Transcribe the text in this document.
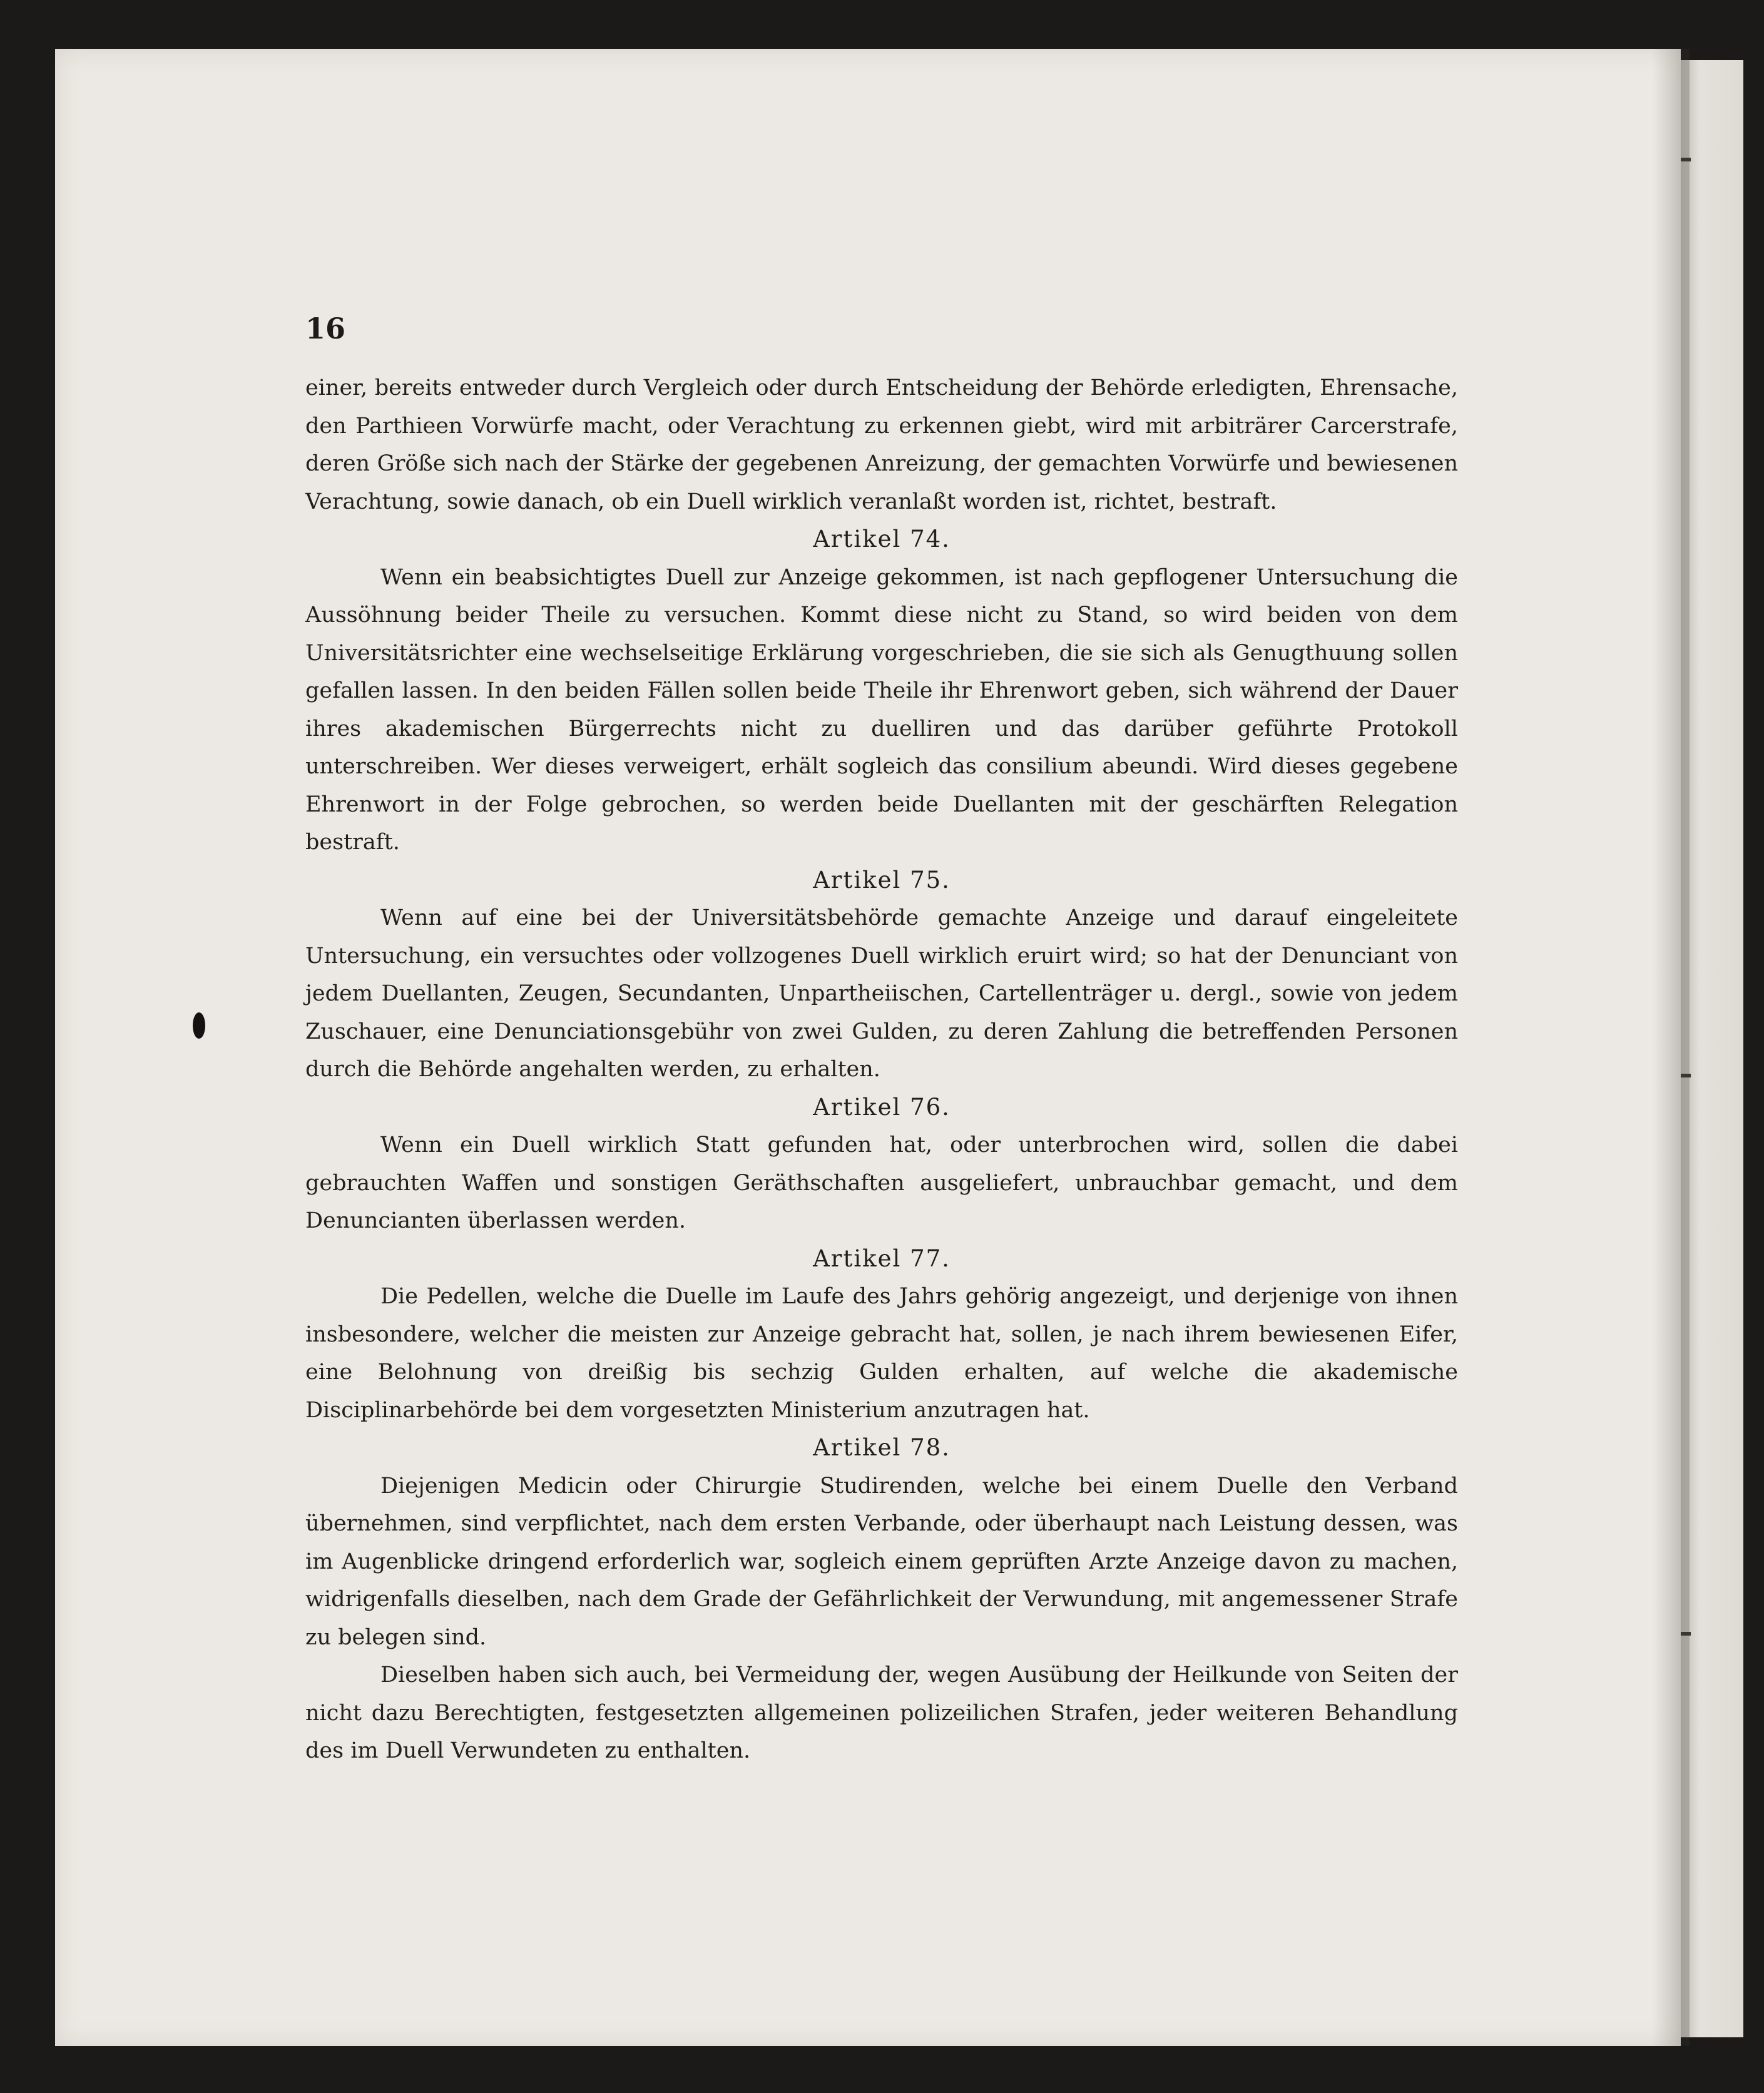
16

einer, bereits entweder durch Vergleich oder durch Entscheidung der Behörde erledigten, Ehrensache, den Parthieen Vorwürfe macht, oder Verachtung zu erkennen giebt, wird mit arbiträrer Carcerstrafe, deren Größe sich nach der Stärke der gegebenen Anreizung, der gemachten Vorwürfe und bewiesenen Verachtung, sowie danach, ob ein Duell wirklich veranlaßt worden ist, richtet, bestraft.

Artikel 74.

Wenn ein beabsichtigtes Duell zur Anzeige gekommen, ist nach gepflogener Untersuchung die Aussöhnung beider Theile zu versuchen. Kommt diese nicht zu Stand, so wird beiden von dem Universitätsrichter eine wechselseitige Erklärung vorgeschrieben, die sie sich als Genugthuung sollen gefallen lassen. In den beiden Fällen sollen beide Theile ihr Ehrenwort geben, sich während der Dauer ihres akademischen Bürgerrechts nicht zu duelliren und das darüber geführte Protokoll unterschreiben. Wer dieses verweigert, erhält sogleich das consilium abeundi. Wird dieses gegebene Ehrenwort in der Folge gebrochen, so werden beide Duellanten mit der geschärften Relegation bestraft.

Artikel 75.

Wenn auf eine bei der Universitätsbehörde gemachte Anzeige und darauf eingeleitete Untersuchung, ein versuchtes oder vollzogenes Duell wirklich eruirt wird; so hat der Denunciant von jedem Duellanten, Zeugen, Secundanten, Unpartheiischen, Cartellenträger u. dergl., sowie von jedem Zuschauer, eine Denunciationsgebühr von zwei Gulden, zu deren Zahlung die betreffenden Personen durch die Behörde angehalten werden, zu erhalten.

Artikel 76.

Wenn ein Duell wirklich Statt gefunden hat, oder unterbrochen wird, sollen die dabei gebrauchten Waffen und sonstigen Geräthschaften ausgeliefert, unbrauchbar gemacht, und dem Denuncianten überlassen werden.

Artikel 77.

Die Pedellen, welche die Duelle im Laufe des Jahrs gehörig angezeigt, und derjenige von ihnen insbesondere, welcher die meisten zur Anzeige gebracht hat, sollen, je nach ihrem bewiesenen Eifer, eine Belohnung von dreißig bis sechzig Gulden erhalten, auf welche die akademische Disciplinarbehörde bei dem vorgesetzten Ministerium anzutragen hat.

Artikel 78.

Diejenigen Medicin oder Chirurgie Studirenden, welche bei einem Duelle den Verband übernehmen, sind verpflichtet, nach dem ersten Verbande, oder überhaupt nach Leistung dessen, was im Augenblicke dringend erforderlich war, sogleich einem geprüften Arzte Anzeige davon zu machen, widrigenfalls dieselben, nach dem Grade der Gefährlichkeit der Verwundung, mit angemessener Strafe zu belegen sind.

Dieselben haben sich auch, bei Vermeidung der, wegen Ausübung der Heilkunde von Seiten der nicht dazu Berechtigten, festgesetzten allgemeinen polizeilichen Strafen, jeder weiteren Behandlung des im Duell Verwundeten zu enthalten.
